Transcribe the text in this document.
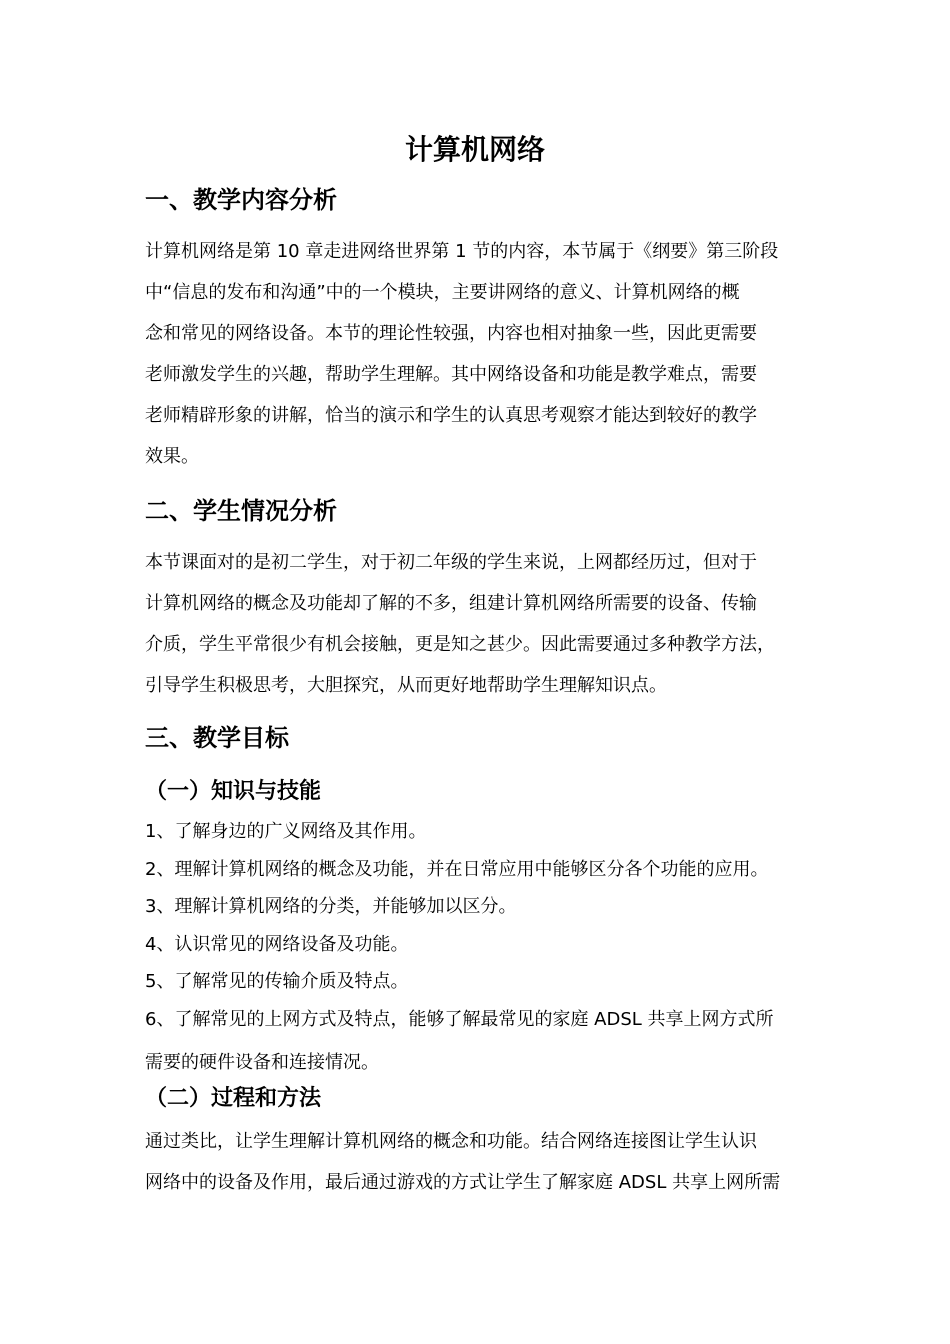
计算机网络
一、教学内容分析
计算机网络是第 10 章走进网络世界第 1 节的内容，本节属于《纲要》第三阶段
中“信息的发布和沟通”中的一个模块，主要讲网络的意义、计算机网络的概
念和常见的网络设备。本节的理论性较强，内容也相对抽象一些，因此更需要
老师激发学生的兴趣，帮助学生理解。其中网络设备和功能是教学难点，需要
老师精辟形象的讲解，恰当的演示和学生的认真思考观察才能达到较好的教学
效果。
二、学生情况分析
本节课面对的是初二学生，对于初二年级的学生来说，上网都经历过，但对于
计算机网络的概念及功能却了解的不多，组建计算机网络所需要的设备、传输
介质，学生平常很少有机会接触，更是知之甚少。因此需要通过多种教学方法，
引导学生积极思考，大胆探究，从而更好地帮助学生理解知识点。
三、教学目标
（一）知识与技能
1、了解身边的广义网络及其作用。
2、理解计算机网络的概念及功能，并在日常应用中能够区分各个功能的应用。
3、理解计算机网络的分类，并能够加以区分。
4、认识常见的网络设备及功能。
5、了解常见的传输介质及特点。
6、了解常见的上网方式及特点，能够了解最常见的家庭 ADSL 共享上网方式所
需要的硬件设备和连接情况。
（二）过程和方法
通过类比，让学生理解计算机网络的概念和功能。结合网络连接图让学生认识
网络中的设备及作用，最后通过游戏的方式让学生了解家庭 ADSL 共享上网所需
